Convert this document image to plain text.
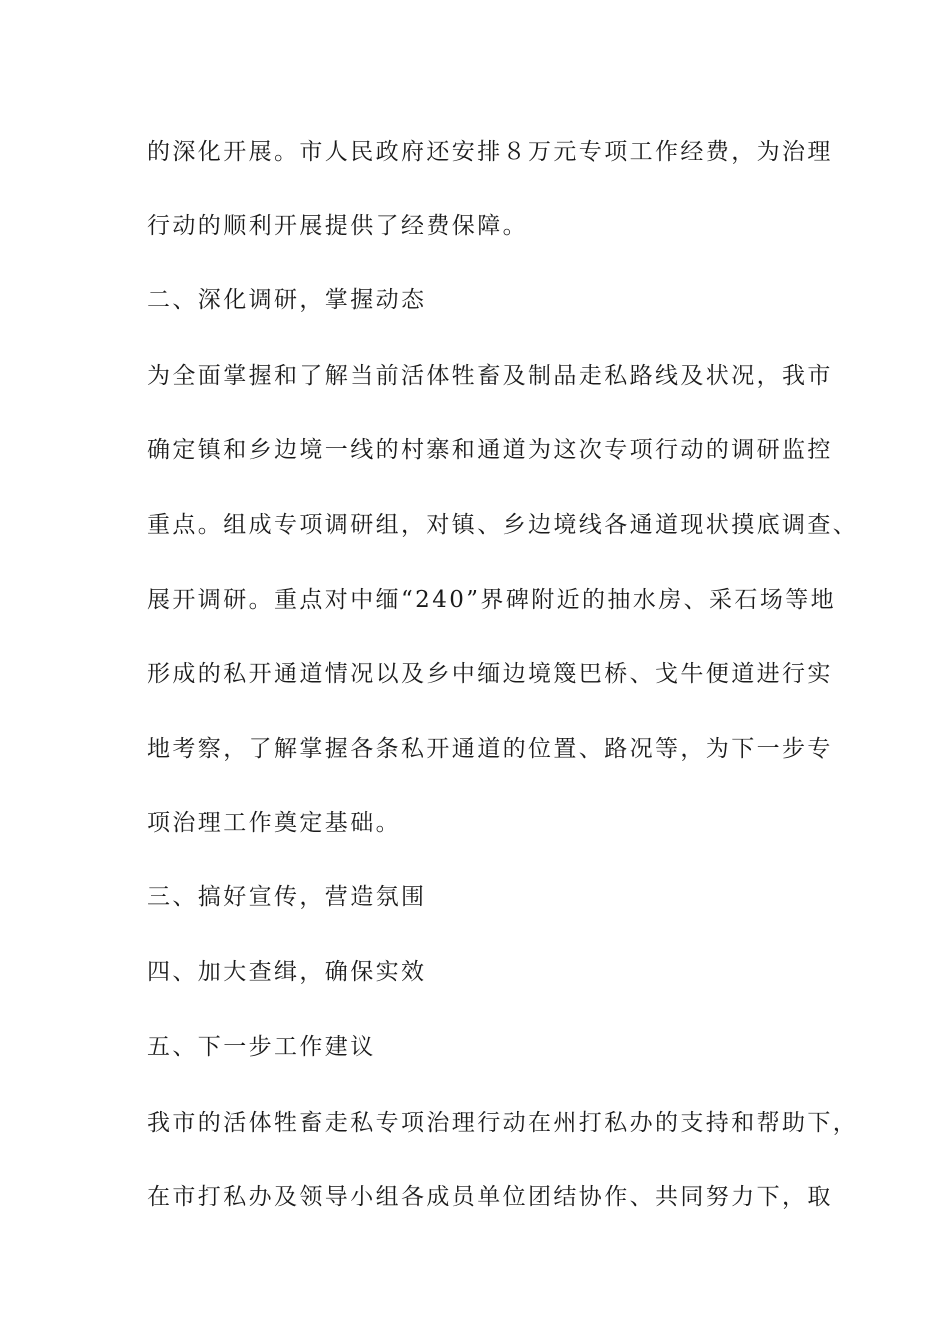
的深化开展。市人民政府还安排８万元专项工作经费，为治理
行动的顺利开展提供了经费保障。
二、深化调研，掌握动态
为全面掌握和了解当前活体牲畜及制品走私路线及状况，我市
确定镇和乡边境一线的村寨和通道为这次专项行动的调研监控
重点。组成专项调研组，对镇、乡边境线各通道现状摸底调查、
展开调研。重点对中缅“240”界碑附近的抽水房、采石场等地
形成的私开通道情况以及乡中缅边境篾巴桥、戈牛便道进行实
地考察，了解掌握各条私开通道的位置、路况等，为下一步专
项治理工作奠定基础。
三、搞好宣传，营造氛围
四、加大查缉，确保实效
五、下一步工作建议
我市的活体牲畜走私专项治理行动在州打私办的支持和帮助下，
在市打私办及领导小组各成员单位团结协作、共同努力下，取
